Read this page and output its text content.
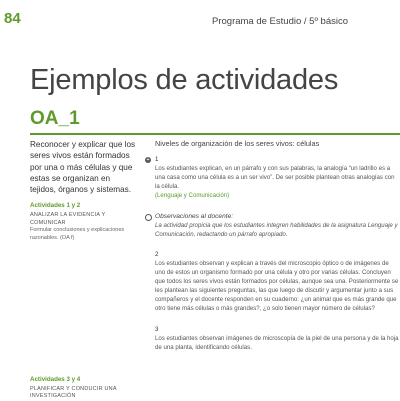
84	Programa de Estudio / 5º básico
Ejemplos de actividades
OA_1

Reconocer y explicar que los seres vivos están formados por una o más células y que estas se organizan en tejidos, órganos y sistemas.

Actividades 1 y 2

ANALIZAR LA EVIDENCIA Y COMUNICAR

Formular conclusiones y explicaciones razonables. (OA f)

Actividades 3 y 4

PLANIFICAR Y CONDUCIR UNA INVESTIGACIÓN

Niveles de organización de los seres vivos: células

+ 1

Los estudiantes explican, en un párrafo y con sus palabras, la analogía “un ladrillo es a una casa como una célula es a un ser vivo”. De ser posible plantean otras analogías con la célula.

(Lenguaje y Comunicación)

Observaciones al docente:

La actividad propicia que los estudiantes integren habilidades de la asignatura Lenguaje y Comunicación, redactando un párrafo apropiado.

2

Los estudiantes observan y explican a través del microscopio óptico o de imágenes de uno de estos un organismo formado por una célula y otro por varias células. Concluyen que todos los seres vivos están formados por células, aunque sea una. Posteriormente se les plantean las siguientes preguntas, las que luego de discutir y argumentar junto a sus compañeros y el docente responden en su cuaderno: ¿un animal que es más grande que otro tiene más células o más grandes?, ¿o solo tienen mayor número de células?

3

Los estudiantes observan imágenes de microscopía de la piel de una persona y de la hoja de una planta, identificando células.
